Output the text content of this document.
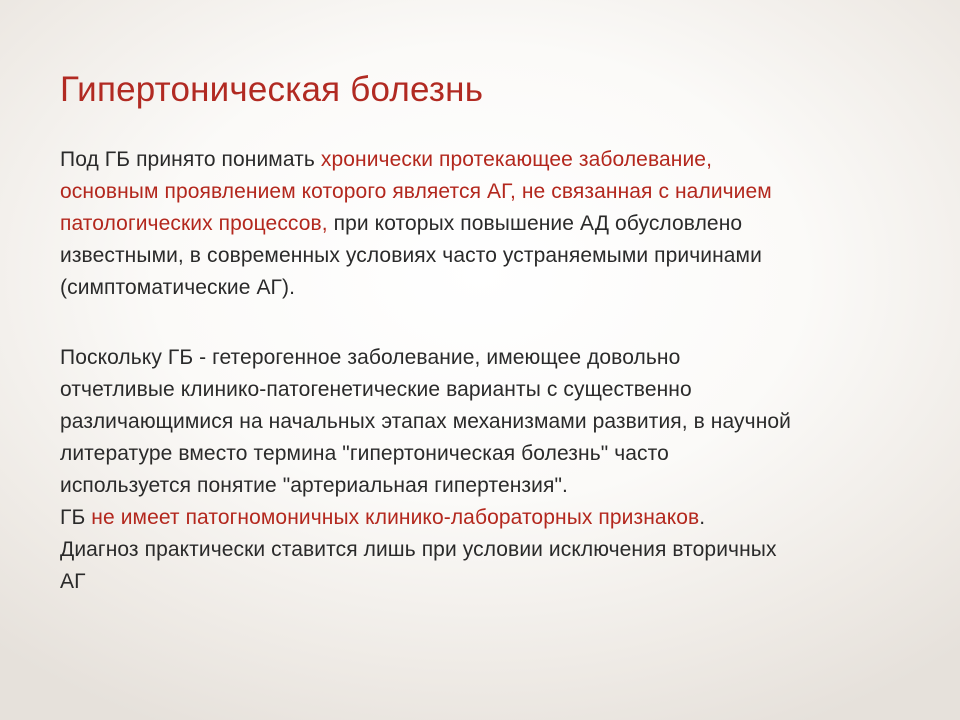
Гипертоническая болезнь

Под ГБ принято понимать хронически протекающее заболевание,
основным проявлением которого является АГ, не связанная с наличием
патологических процессов, при которых повышение АД обусловлено
известными, в современных условиях часто устраняемыми причинами
(симптоматические АГ).

Поскольку ГБ - гетерогенное заболевание, имеющее довольно
отчетливые клинико-патогенетические варианты с существенно
различающимися на начальных этапах механизмами развития, в научной
литературе вместо термина "гипертоническая болезнь" часто
используется понятие "артериальная гипертензия".
ГБ не имеет патогномоничных клинико-лабораторных признаков.
Диагноз практически ставится лишь при условии исключения вторичных
АГ
